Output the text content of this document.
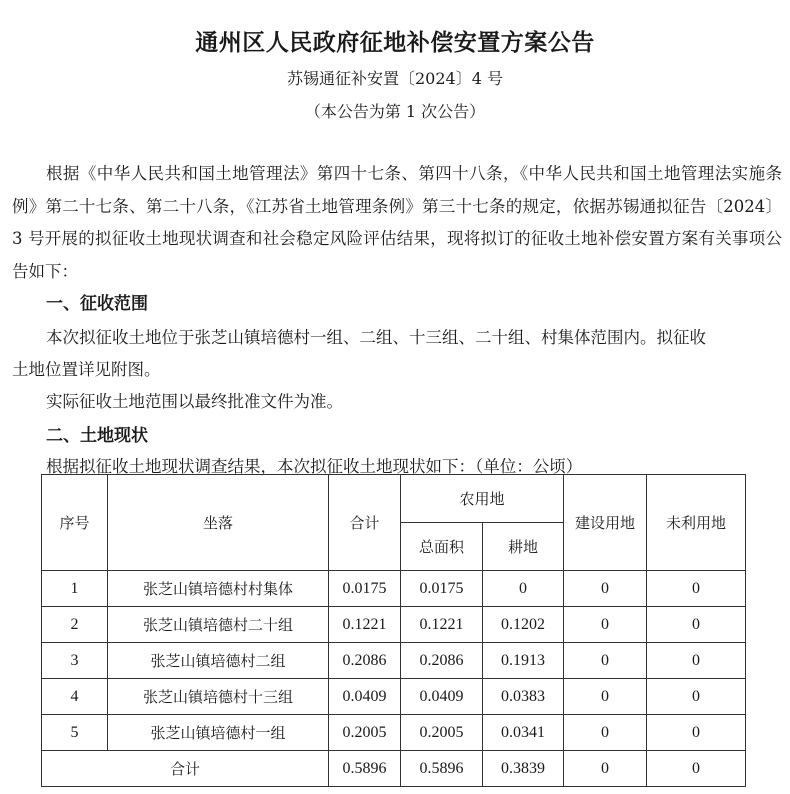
通州区人民政府征地补偿安置方案公告
苏锡通征补安置〔2024〕4 号
（本公告为第 1 次公告）

根据《中华人民共和国土地管理法》第四十七条、第四十八条，《中华人民共和国土地管理法实施条例》第二十七条、第二十八条，《江苏省土地管理条例》第三十七条的规定，依据苏锡通拟征告〔2024〕3 号开展的拟征收土地现状调查和社会稳定风险评估结果，现将拟订的征收土地补偿安置方案有关事项公告如下：

一、征收范围
本次拟征收土地位于张芝山镇培德村一组、二组、十三组、二十组、村集体范围内。拟征收
土地位置详见附图。
实际征收土地范围以最终批准文件为准。
二、土地现状
根据拟征收土地现状调查结果，本次拟征收土地现状如下：（单位：公顷）
序号	坐落	合计	农用地		建设用地	未利用地
			总面积	耕地		
1	张芝山镇培德村村集体	0.0175	0.0175	0	0	0
2	张芝山镇培德村二十组	0.1221	0.1221	0.1202	0	0
3	张芝山镇培德村二组	0.2086	0.2086	0.1913	0	0
4	张芝山镇培德村十三组	0.0409	0.0409	0.0383	0	0
5	张芝山镇培德村一组	0.2005	0.2005	0.0341	0	0
合计		0.5896	0.5896	0.3839	0	0
